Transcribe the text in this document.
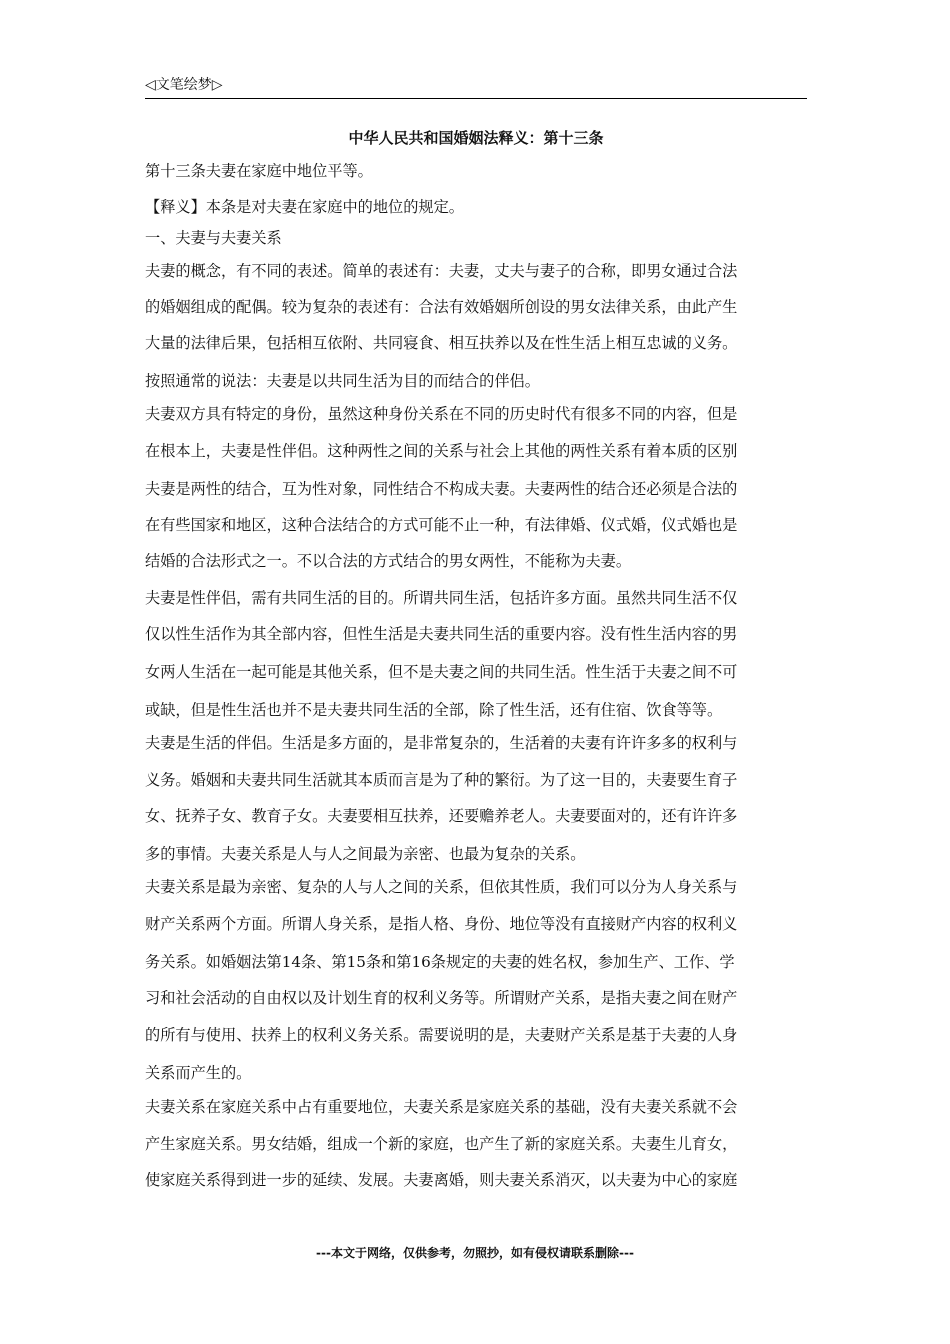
◁文笔绘梦▷
中华人民共和国婚姻法释义：第十三条
第十三条夫妻在家庭中地位平等。
【释义】本条是对夫妻在家庭中的地位的规定。
一、夫妻与夫妻关系
夫妻的概念，有不同的表述。简单的表述有：夫妻，丈夫与妻子的合称，即男女通过合法
的婚姻组成的配偶。较为复杂的表述有：合法有效婚姻所创设的男女法律关系，由此产生
大量的法律后果，包括相互依附、共同寝食、相互扶养以及在性生活上相互忠诚的义务。
按照通常的说法：夫妻是以共同生活为目的而结合的伴侣。
夫妻双方具有特定的身份，虽然这种身份关系在不同的历史时代有很多不同的内容，但是
在根本上，夫妻是性伴侣。这种两性之间的关系与社会上其他的两性关系有着本质的区别
夫妻是两性的结合，互为性对象，同性结合不构成夫妻。夫妻两性的结合还必须是合法的
在有些国家和地区，这种合法结合的方式可能不止一种，有法律婚、仪式婚，仪式婚也是
结婚的合法形式之一。不以合法的方式结合的男女两性，不能称为夫妻。
夫妻是性伴侣，需有共同生活的目的。所谓共同生活，包括许多方面。虽然共同生活不仅
仅以性生活作为其全部内容，但性生活是夫妻共同生活的重要内容。没有性生活内容的男
女两人生活在一起可能是其他关系，但不是夫妻之间的共同生活。性生活于夫妻之间不可
或缺，但是性生活也并不是夫妻共同生活的全部，除了性生活，还有住宿、饮食等等。
夫妻是生活的伴侣。生活是多方面的，是非常复杂的，生活着的夫妻有许许多多的权利与
义务。婚姻和夫妻共同生活就其本质而言是为了种的繁衍。为了这一目的，夫妻要生育子
女、抚养子女、教育子女。夫妻要相互扶养，还要赡养老人。夫妻要面对的，还有许许多
多的事情。夫妻关系是人与人之间最为亲密、也最为复杂的关系。
夫妻关系是最为亲密、复杂的人与人之间的关系，但依其性质，我们可以分为人身关系与
财产关系两个方面。所谓人身关系，是指人格、身份、地位等没有直接财产内容的权利义
务关系。如婚姻法第14条、第15条和第16条规定的夫妻的姓名权，参加生产、工作、学
习和社会活动的自由权以及计划生育的权利义务等。所谓财产关系，是指夫妻之间在财产
的所有与使用、扶养上的权利义务关系。需要说明的是，夫妻财产关系是基于夫妻的人身
关系而产生的。
夫妻关系在家庭关系中占有重要地位，夫妻关系是家庭关系的基础，没有夫妻关系就不会
产生家庭关系。男女结婚，组成一个新的家庭，也产生了新的家庭关系。夫妻生儿育女，
使家庭关系得到进一步的延续、发展。夫妻离婚，则夫妻关系消灭，以夫妻为中心的家庭
---本文于网络，仅供参考，勿照抄，如有侵权请联系删除---
